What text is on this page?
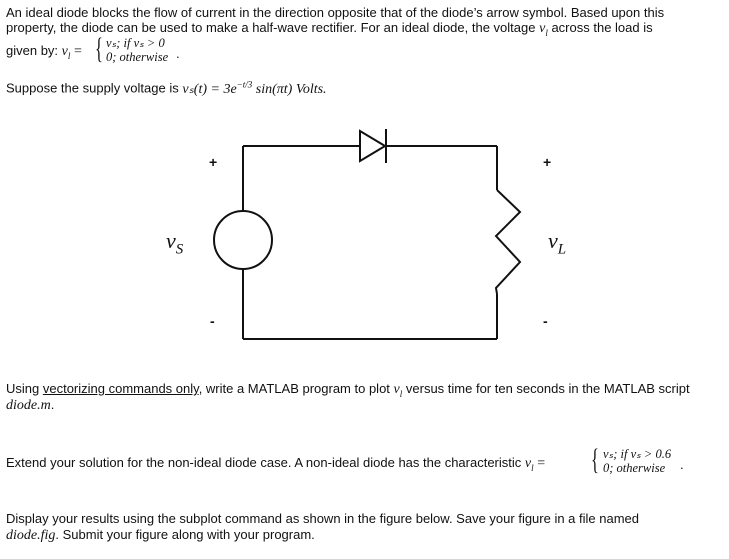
An ideal diode blocks the flow of current in the direction opposite that of the diode’s arrow symbol. Based upon this
property, the diode can be used to make a half-wave rectifier. For an ideal diode, the voltage $v_l$ across the load is
given by: $v_l$ = { vₛ; if vₛ > 0
0; otherwise .
Suppose the supply voltage is $v_s(t) = 3e^{-t/3}$ sin(πt) Volts.
+	+
-	-
$v_S$	$v_L$
Using vectorizing commands only, write a MATLAB program to plot $v_l$ versus time for ten seconds in the MATLAB script
diode.m.
Extend your solution for the non-ideal diode case. A non-ideal diode has the characteristic $v_l$ = { vₛ; if vₛ > 0.6
0; otherwise .
Display your results using the subplot command as shown in the figure below. Save your figure in a file named
diode.fig. Submit your figure along with your program.
